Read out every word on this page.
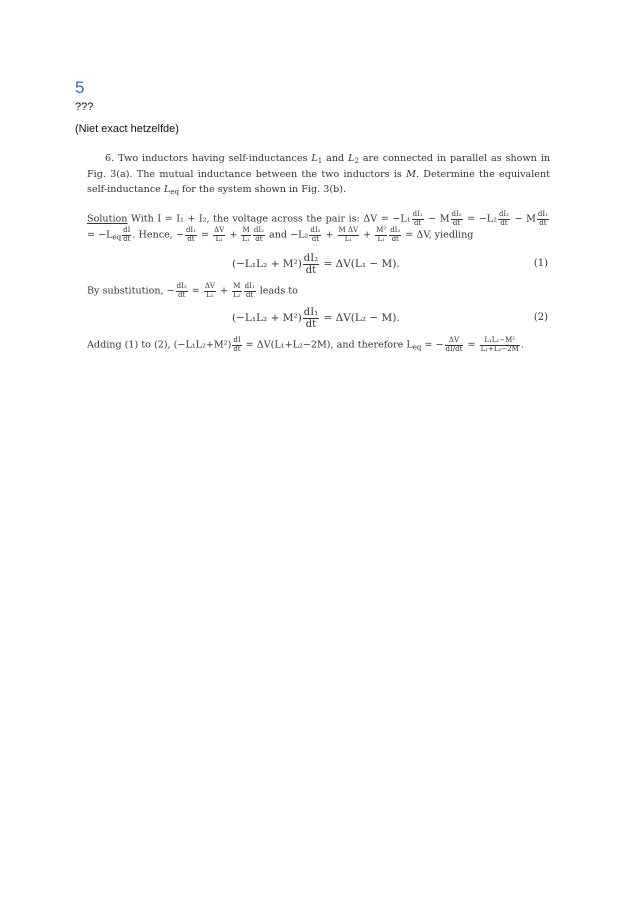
5
???
(Niet exact hetzelfde)

6. Two inductors having self-inductances $L_1$ and $L_2$ are connected in parallel as shown in Fig. 3(a). The mutual inductance between the two inductors is M. Determine the equivalent self-inductance $L_{eq}$ for the system shown in Fig. 3(b).

Solution With I = I₁ + I₂, the voltage across the pair is: $\Delta V = -L_1 \frac{\text{dI₁}}{dt} - M \frac{\text{dI₂}}{dt} = -L_2 \frac{\text{dI₂}}{dt} - M \frac{\text{dI₁}}{dt}$
= $-L_{eq} \frac{dI}{dt}$ . Hence, − $\frac{\text{dI₁}}{dt} = \frac{\Delta V}{\text{L₁}} + \frac{M}{\text{L₁}} \frac{\text{dI₂}}{dt}$ and $-L_2 \frac{\text{dI₂}}{dt} + \frac{\text{M ΔV}}{\text{L₁}} + \frac{\text{M²}}{\text{L₁}} \frac{\text{dI₂}}{dt} = \Delta V$, yiedling

$(-L_1L_2 + M^2) \frac{\text{dI₂}}{dt} = \Delta V(L_1 - M)$.	(1)

By substitution, − $\frac{\text{dI₂}}{dt} = \frac{\Delta V}{\text{L₂}} + \frac{M}{\text{L₂}} \frac{\text{dI₁}}{dt}$ leads to

$(-L_1L_2 + M^2) \frac{\text{dI₁}}{dt} = \Delta V(L_2 - M)$.	(2)

Adding (1) to (2), $(-L_1L_2+M^2) \frac{dI}{dt} = \Delta V(L_1+L_2-2M)$, and therefore $L_{eq}$ = − $\frac{\Delta V}{dI/dt} = \frac{\text{L₁L₂−M²}}{\text{L₁+L₂−2M}}$ .
